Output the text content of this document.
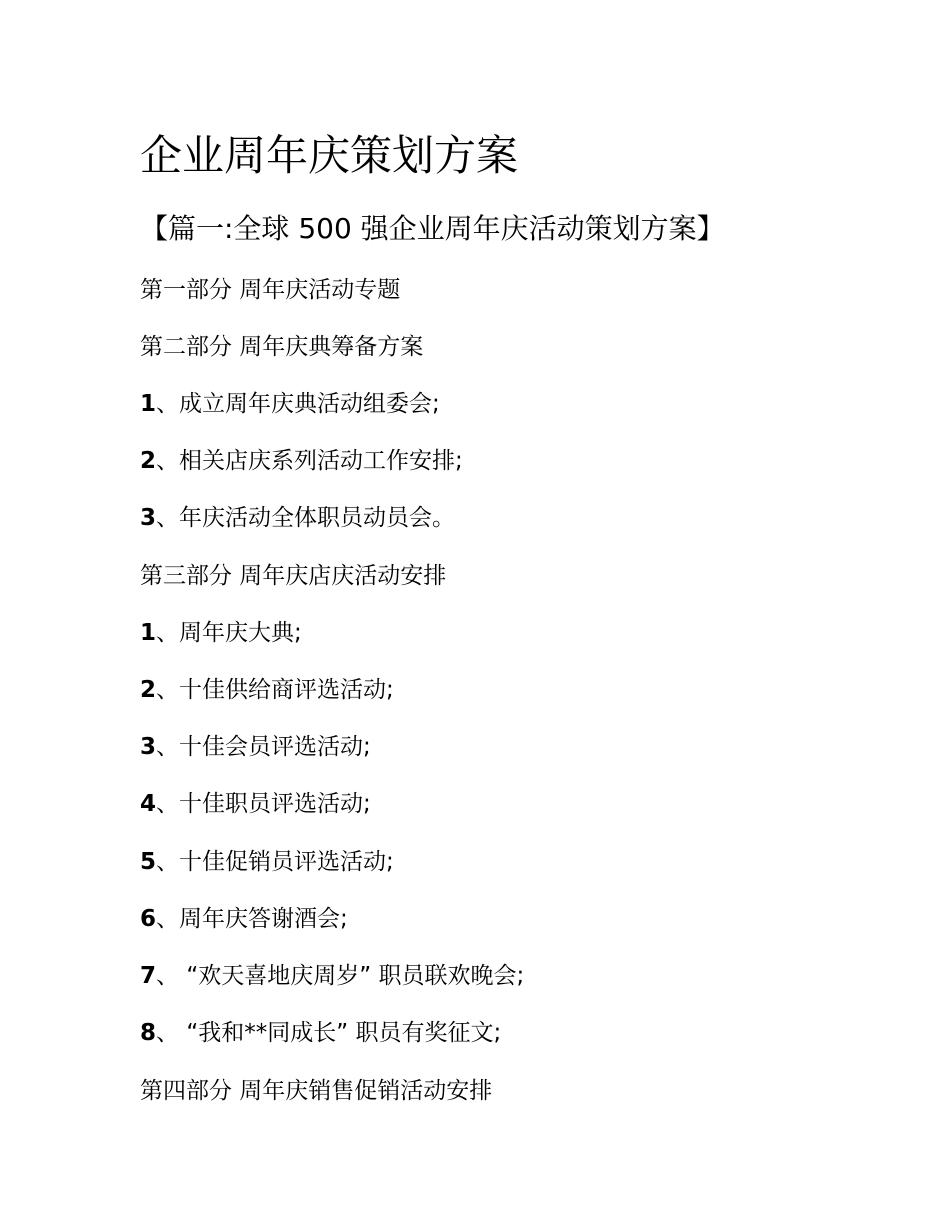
企业周年庆策划方案
【篇一:全球 500 强企业周年庆活动策划方案】
第一部分 周年庆活动专题
第二部分 周年庆典筹备方案
1、成立周年庆典活动组委会;
2、相关店庆系列活动工作安排;
3、年庆活动全体职员动员会。
第三部分 周年庆店庆活动安排
1、周年庆大典;
2、十佳供给商评选活动;
3、十佳会员评选活动;
4、十佳职员评选活动;
5、十佳促销员评选活动;
6、周年庆答谢酒会;
7、 “欢天喜地庆周岁” 职员联欢晚会;
8、 “我和**同成长” 职员有奖征文;
第四部分 周年庆销售促销活动安排
